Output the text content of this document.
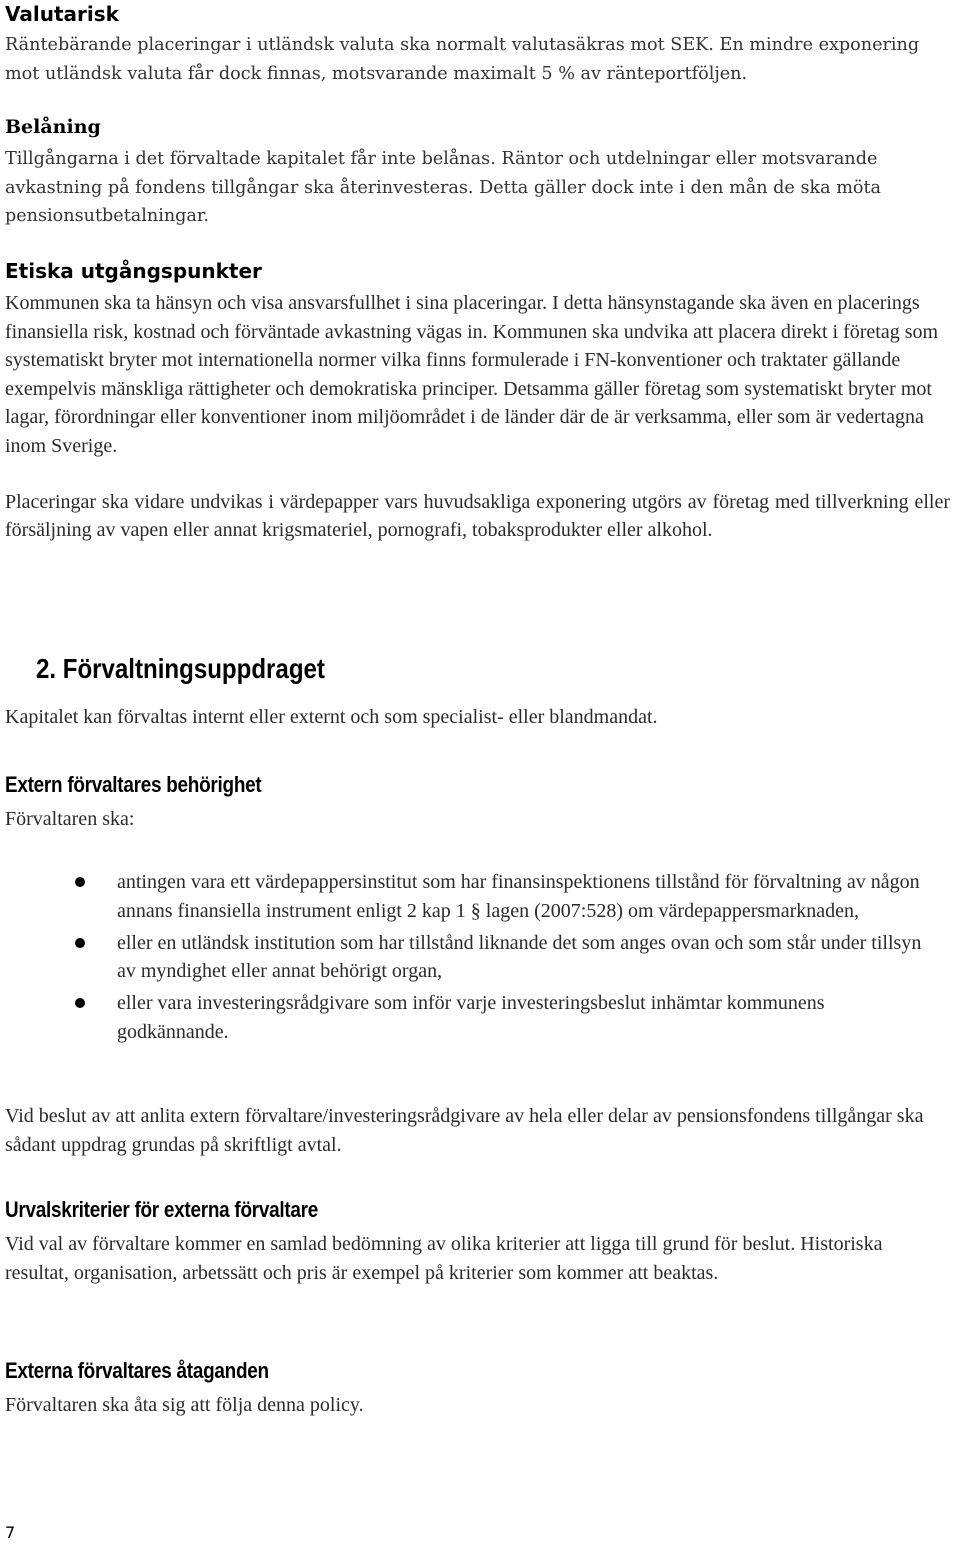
Valutarisk

Räntebärande placeringar i utländsk valuta ska normalt valutasäkras mot SEK. En mindre exponering mot utländsk valuta får dock finnas, motsvarande maximalt 5 % av ränteportföljen.

Belåning

Tillgångarna i det förvaltade kapitalet får inte belånas. Räntor och utdelningar eller motsvarande avkastning på fondens tillgångar ska återinvesteras. Detta gäller dock inte i den mån de ska möta pensionsutbetalningar.

Etiska utgångspunkter

Kommunen ska ta hänsyn och visa ansvarsfullhet i sina placeringar. I detta hänsynstagande ska även en placerings finansiella risk, kostnad och förväntade avkastning vägas in. Kommunen ska undvika att placera direkt i företag som systematiskt bryter mot internationella normer vilka finns formulerade i FN-konventioner och traktater gällande exempelvis mänskliga rättigheter och demokratiska principer. Detsamma gäller företag som systematiskt bryter mot lagar, förordningar eller konventioner inom miljöområdet i de länder där de är verksamma, eller som är vedertagna inom Sverige.

Placeringar ska vidare undvikas i värdepapper vars huvudsakliga exponering utgörs av företag med tillverkning eller försäljning av vapen eller annat krigsmateriel, pornografi, tobaksprodukter eller alkohol.

2. Förvaltningsuppdraget

Kapitalet kan förvaltas internt eller externt och som specialist- eller blandmandat.

Extern förvaltares behörighet

Förvaltaren ska:

antingen vara ett värdepappersinstitut som har finansinspektionens tillstånd för förvaltning av någon annans finansiella instrument enligt 2 kap 1 § lagen (2007:528) om värdepappersmarknaden,
eller en utländsk institution som har tillstånd liknande det som anges ovan och som står under tillsyn av myndighet eller annat behörigt organ,
eller vara investeringsrådgivare som inför varje investeringsbeslut inhämtar kommunens godkännande.

Vid beslut av att anlita extern förvaltare/investeringsrådgivare av hela eller delar av pensionsfondens tillgångar ska sådant uppdrag grundas på skriftligt avtal.

Urvalskriterier för externa förvaltare

Vid val av förvaltare kommer en samlad bedömning av olika kriterier att ligga till grund för beslut. Historiska resultat, organisation, arbetssätt och pris är exempel på kriterier som kommer att beaktas.

Externa förvaltares åtaganden

Förvaltaren ska åta sig att följa denna policy.

7
